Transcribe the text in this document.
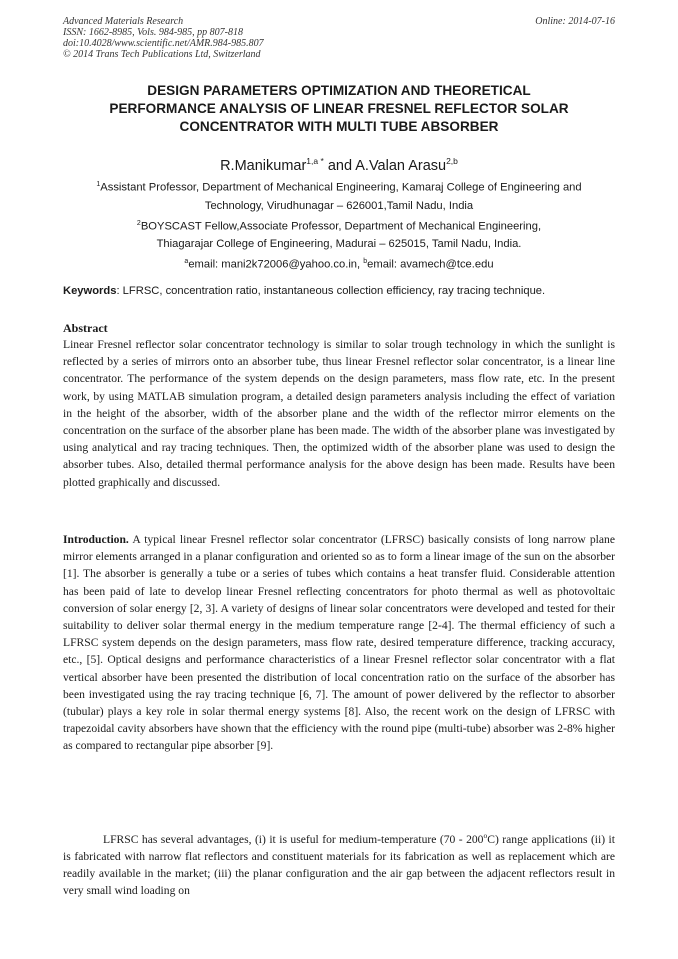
Advanced Materials Research
ISSN: 1662-8985, Vols. 984-985, pp 807-818
doi:10.4028/www.scientific.net/AMR.984-985.807
© 2014 Trans Tech Publications Ltd, Switzerland
Online: 2014-07-16
DESIGN PARAMETERS OPTIMIZATION AND THEORETICAL
PERFORMANCE ANALYSIS OF LINEAR FRESNEL REFLECTOR SOLAR
CONCENTRATOR WITH MULTI TUBE ABSORBER
R.Manikumar$^{1,a *}$ and A.Valan Arasu$^{2,b}$
$^1$Assistant Professor, Department of Mechanical Engineering, Kamaraj College of Engineering and
Technology, Virudhunagar – 626001,Tamil Nadu, India
$^2$BOYSCAST Fellow,Associate Professor, Department of Mechanical Engineering,
Thiagarajar College of Engineering, Madurai – 625015, Tamil Nadu, India.
$^a$email: mani2k72006@yahoo.co.in, $^b$email: avamech@tce.edu
Keywords: LFRSC, concentration ratio, instantaneous collection efficiency, ray tracing technique.
Abstract
Linear Fresnel reflector solar concentrator technology is similar to solar trough technology in which the sunlight is reflected by a series of mirrors onto an absorber tube, thus linear Fresnel reflector solar concentrator, is a linear line concentrator. The performance of the system depends on the design parameters, mass flow rate, etc. In the present work, by using MATLAB simulation program, a detailed design parameters analysis including the effect of variation in the height of the absorber, width of the absorber plane and the width of the reflector mirror elements on the concentration on the surface of the absorber plane has been made. The width of the absorber plane was investigated by using analytical and ray tracing techniques. Then, the optimized width of the absorber plane was used to design the absorber tubes. Also, detailed thermal performance analysis for the above design has been made. Results have been plotted graphically and discussed.
Introduction. A typical linear Fresnel reflector solar concentrator (LFRSC) basically consists of long narrow plane mirror elements arranged in a planar configuration and oriented so as to form a linear image of the sun on the absorber [1]. The absorber is generally a tube or a series of tubes which contains a heat transfer fluid. Considerable attention has been paid of late to develop linear Fresnel reflecting concentrators for photo thermal as well as photovoltaic conversion of solar energy [2, 3]. A variety of designs of linear solar concentrators were developed and tested for their suitability to deliver solar thermal energy in the medium temperature range [2-4]. The thermal efficiency of such a LFRSC system depends on the design parameters, mass flow rate, desired temperature difference, tracking accuracy, etc., [5]. Optical designs and performance characteristics of a linear Fresnel reflector solar concentrator with a flat vertical absorber have been presented the distribution of local concentration ratio on the surface of the absorber has been investigated using the ray tracing technique [6, 7]. The amount of power delivered by the reflector to absorber (tubular) plays a key role in solar thermal energy systems [8]. Also, the recent work on the design of LFRSC with trapezoidal cavity absorbers have shown that the efficiency with the round pipe (multi-tube) absorber was 2-8% higher as compared to rectangular pipe absorber [9].
LFRSC has several advantages, (i) it is useful for medium-temperature (70 - 200$^o$C) range applications (ii) it is fabricated with narrow flat reflectors and constituent materials for its fabrication as well as replacement which are readily available in the market; (iii) the planar configuration and the air gap between the adjacent reflectors result in very small wind loading on
